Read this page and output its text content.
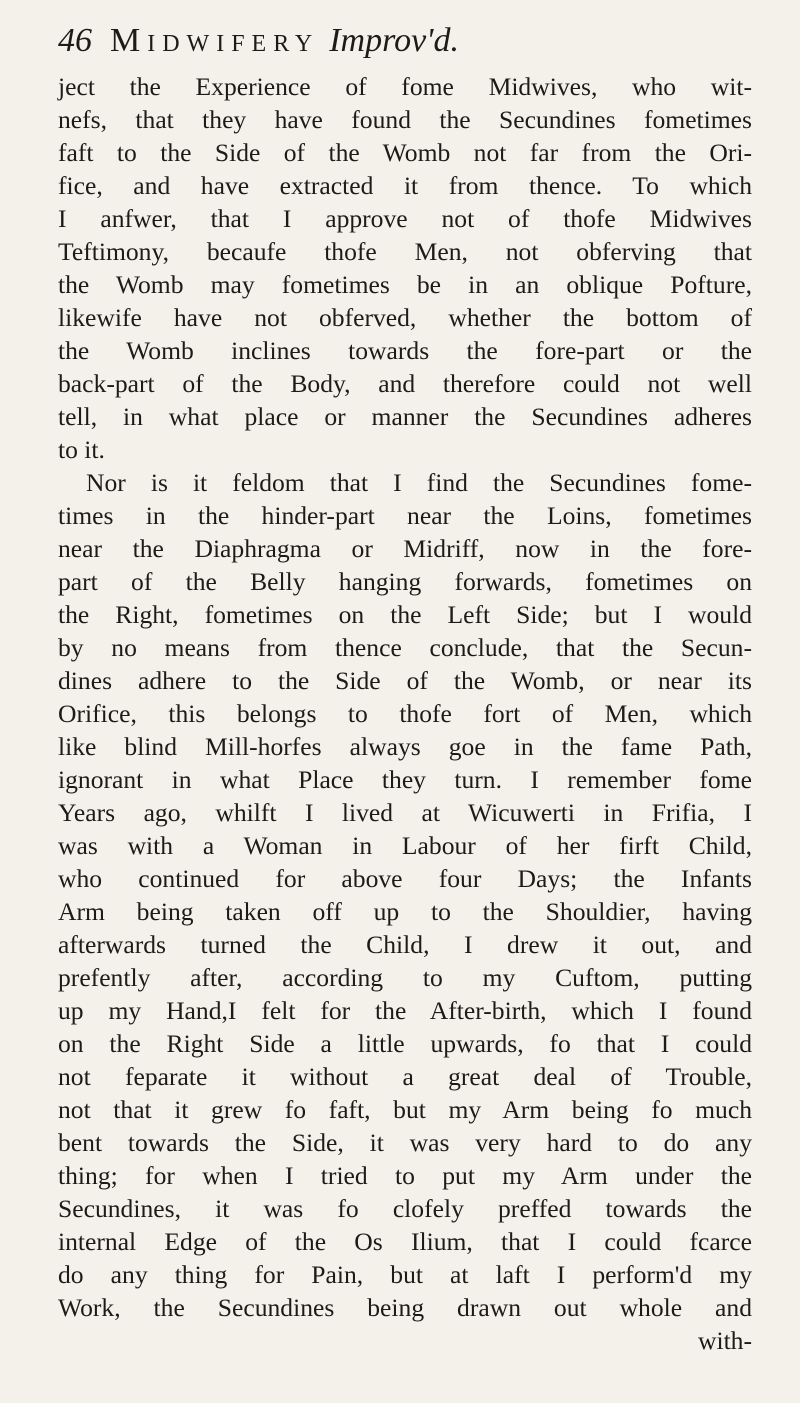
46 Midwifery Improv'd.
ject the Experience of fome Midwives, who wit-
nefs, that they have found the Secundines fometimes
faft to the Side of the Womb not far from the Ori-
fice, and have extracted it from thence. To which
I anfwer, that I approve not of thofe Midwives
Teftimony, becaufe thofe Men, not obferving that
the Womb may fometimes be in an oblique Pofture,
likewife have not obferved, whether the bottom of
the Womb inclines towards the fore-part or the
back-part of the Body, and therefore could not well
tell, in what place or manner the Secundines adheres
to it.
Nor is it feldom that I find the Secundines fome-
times in the hinder-part near the Loins, fometimes
near the Diaphragma or Midriff, now in the fore-
part of the Belly hanging forwards, fometimes on
the Right, fometimes on the Left Side; but I would
by no means from thence conclude, that the Secun-
dines adhere to the Side of the Womb, or near its
Orifice, this belongs to thofe fort of Men, which
like blind Mill-horfes always goe in the fame Path,
ignorant in what Place they turn. I remember fome
Years ago, whilft I lived at Wicuwerti in Frifia, I
was with a Woman in Labour of her firft Child,
who continued for above four Days; the Infants
Arm being taken off up to the Shouldier, having
afterwards turned the Child, I drew it out, and
prefently after, according to my Cuftom, putting
up my Hand,I felt for the After-birth, which I found
on the Right Side a little upwards, fo that I could
not feparate it without a great deal of Trouble,
not that it grew fo faft, but my Arm being fo much
bent towards the Side, it was very hard to do any
thing; for when I tried to put my Arm under the
Secundines, it was fo clofely preffed towards the
internal Edge of the Os Ilium, that I could fcarce
do any thing for Pain, but at laft I perform'd my
Work, the Secundines being drawn out whole and
with-
